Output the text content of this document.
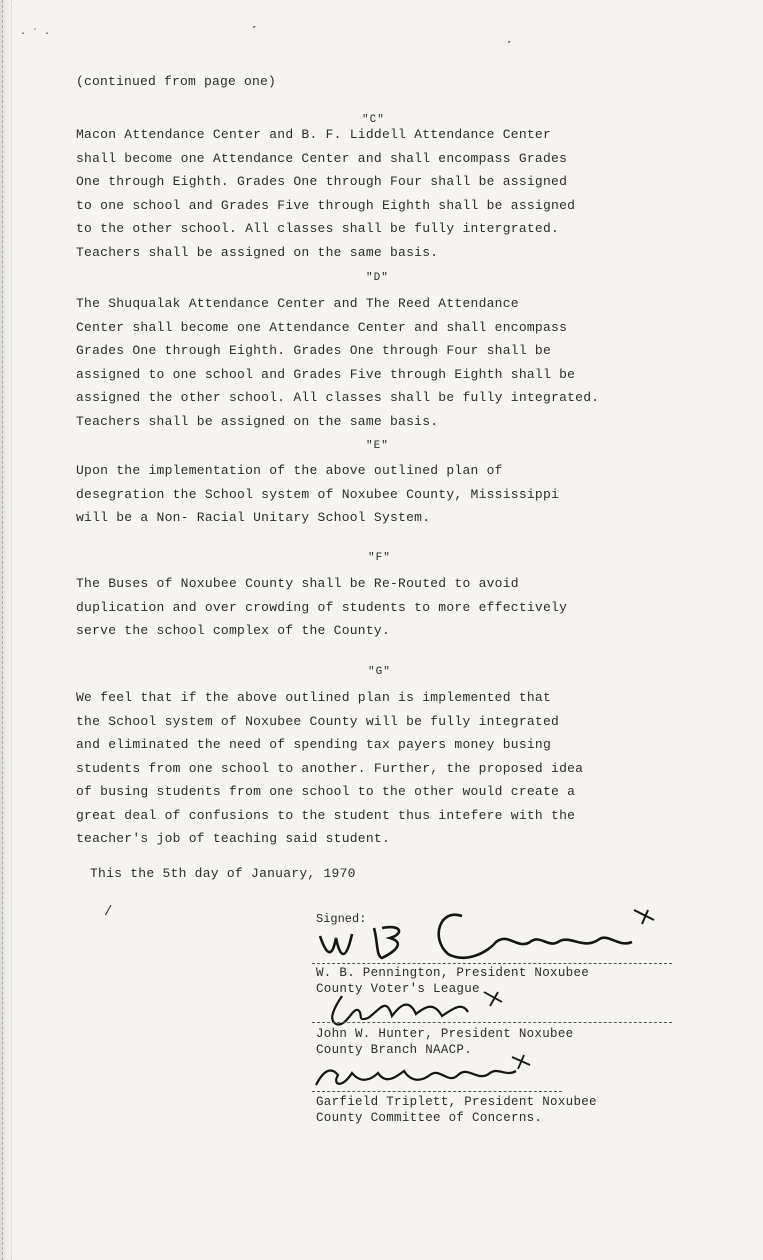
· ˊ ·	ˊ	ˏ
(continued from page one)
"C"
Macon Attendance Center and B. F. Liddell Attendance Center
shall become one Attendance Center and shall encompass Grades
One through Eighth. Grades One through Four shall be assigned
to one school and Grades Five through Eighth shall be assigned
to the other school. All classes shall be fully intergrated.
Teachers shall be assigned on the same basis.
"D"
The Shuqualak Attendance Center and The Reed Attendance
Center shall become one Attendance Center and shall encompass
Grades One through Eighth. Grades One through Four shall be
assigned to one school and Grades Five through Eighth shall be
assigned the other school. All classes shall be fully integrated.
Teachers shall be assigned on the same basis.
"E"
Upon the implementation of the above outlined plan of
desegration the School system of Noxubee County, Mississippi
will be a Non- Racial Unitary School System.
"F"
The Buses of Noxubee County shall be Re-Routed to avoid
duplication and over crowding of students to more effectively
serve the school complex of the County.
"G"
We feel that if the above outlined plan is implemented that
the School system of Noxubee County will be fully integrated
and eliminated the need of spending tax payers money busing
students from one school to another. Further, the proposed idea
of busing students from one school to the other would create a
great deal of confusions to the student thus intefere with the
teacher's job of teaching said student.
This the 5th day of January, 1970
Signed:
W. B. Pennington, President Noxubee
County Voter's League
John W. Hunter, President Noxubee
County Branch NAACP.
Garfield Triplett, President Noxubee
County Committee of Concerns.
/
